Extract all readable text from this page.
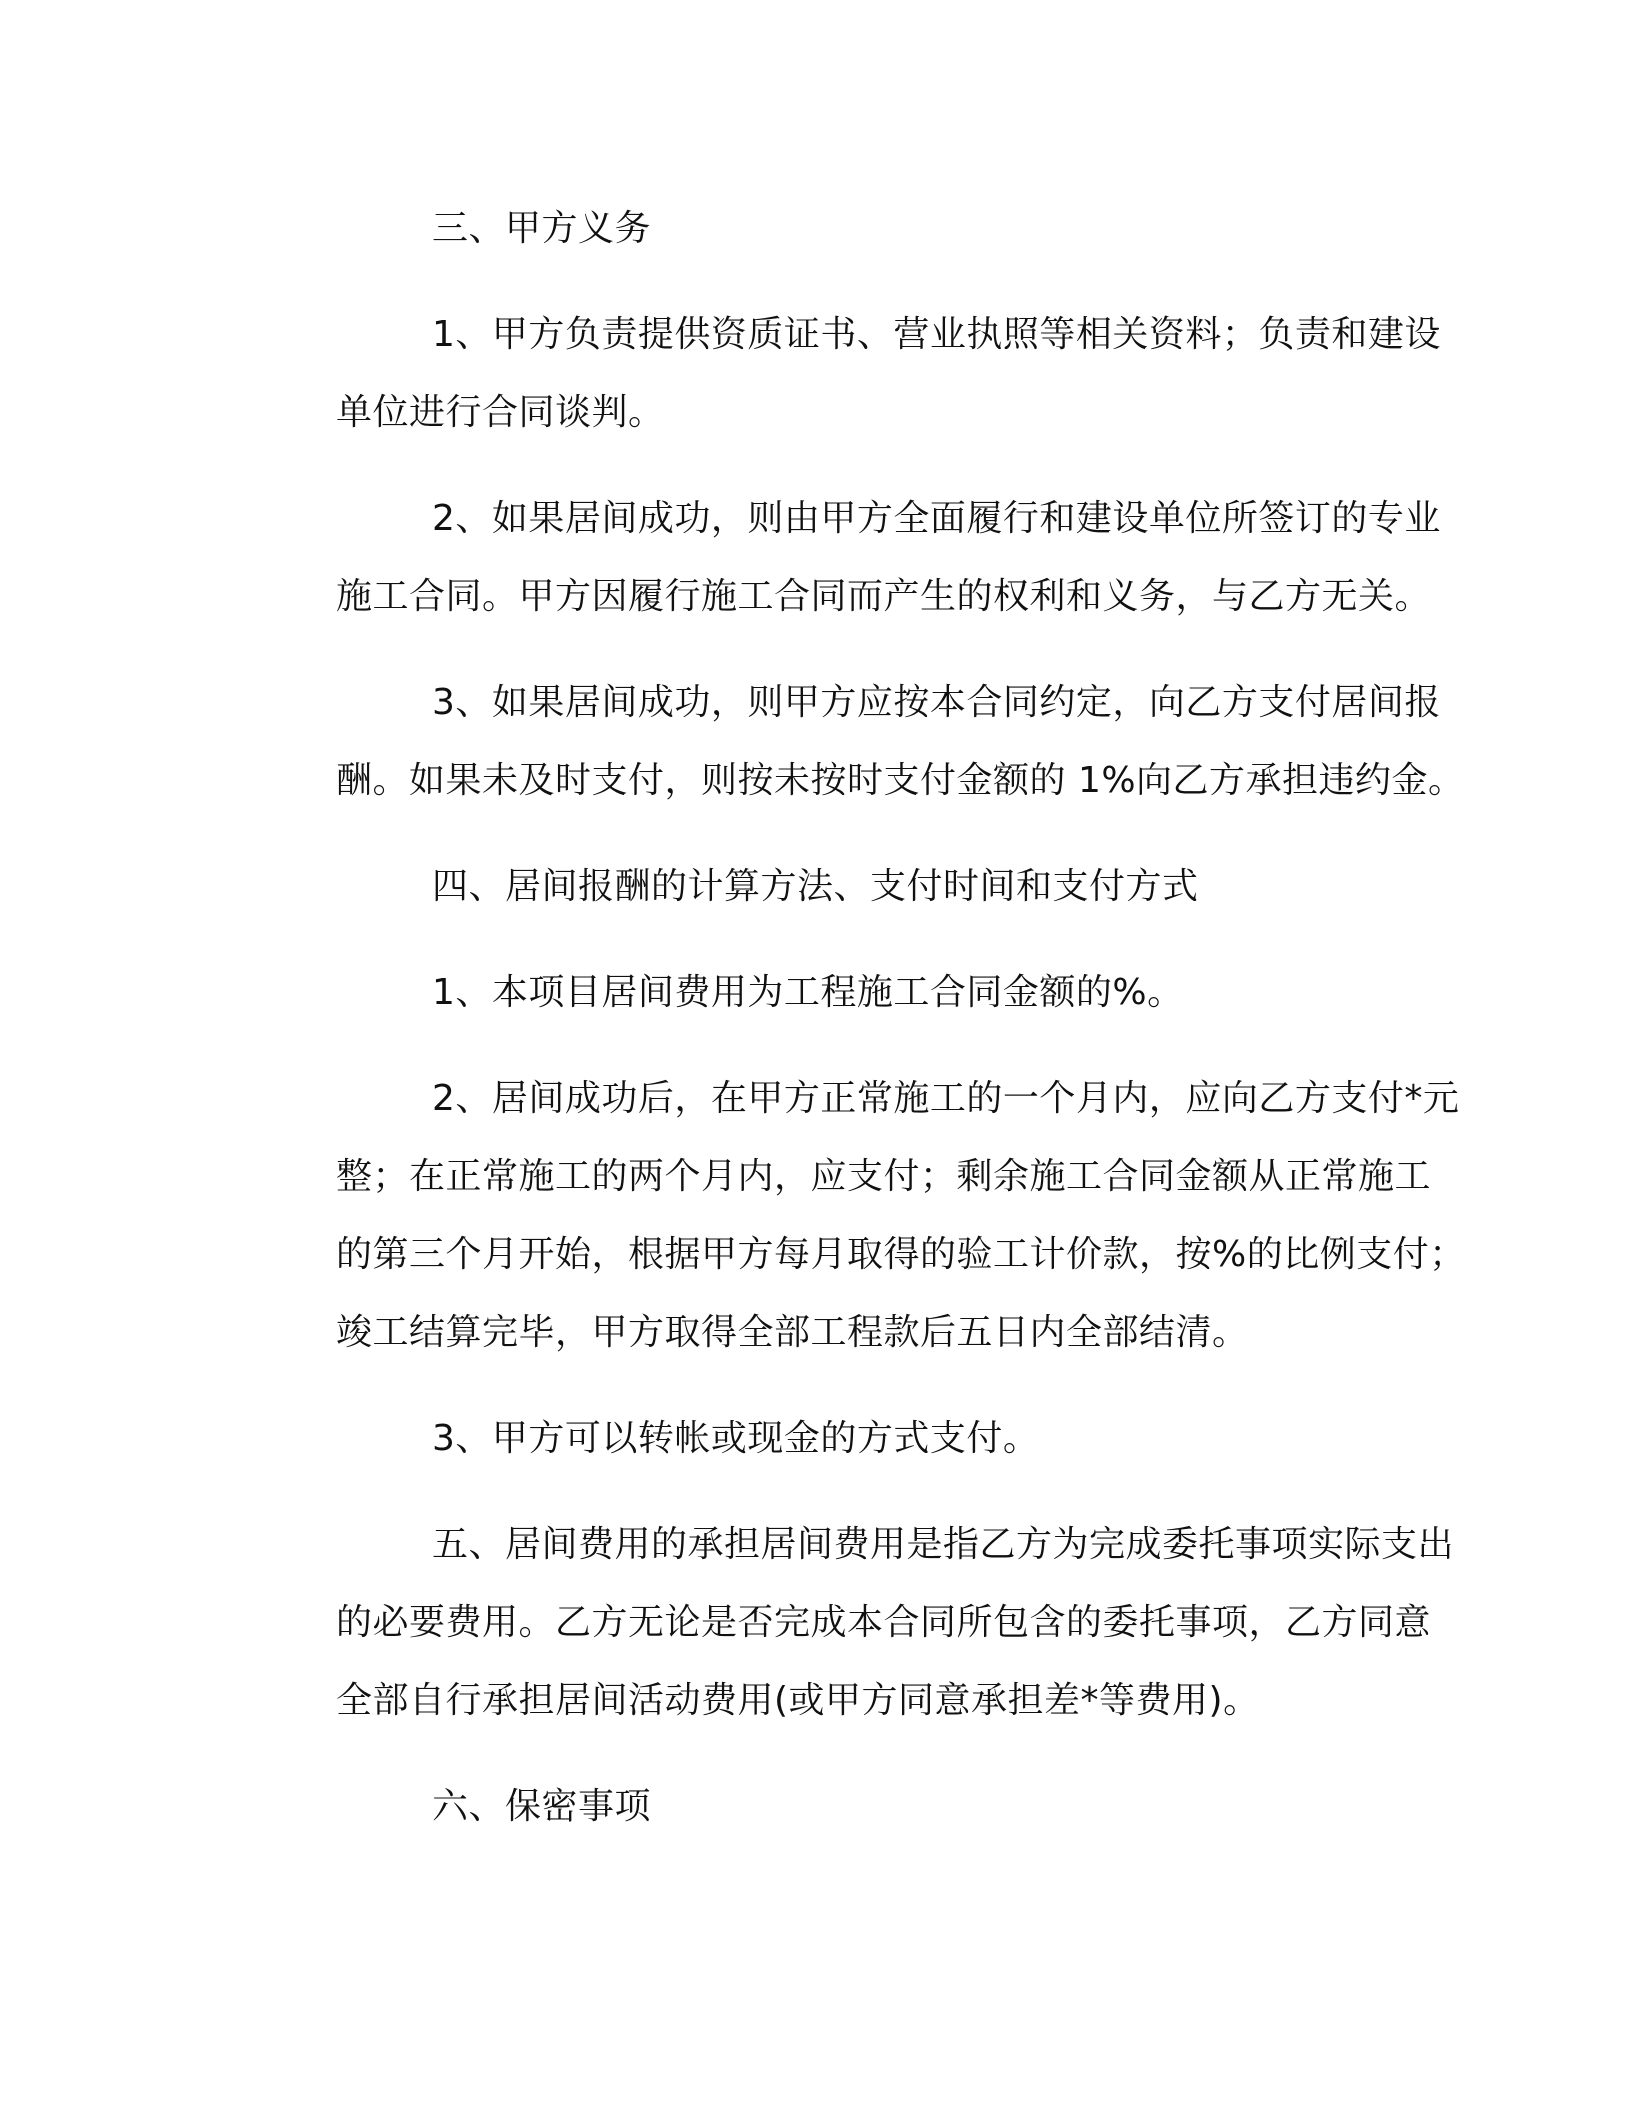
三、甲方义务
1、甲方负责提供资质证书、营业执照等相关资料；负责和建设
单位进行合同谈判。
2、如果居间成功，则由甲方全面履行和建设单位所签订的专业
施工合同。甲方因履行施工合同而产生的权利和义务，与乙方无关。
3、如果居间成功，则甲方应按本合同约定，向乙方支付居间报
酬。如果未及时支付，则按未按时支付金额的 1%向乙方承担违约金。
四、居间报酬的计算方法、支付时间和支付方式
1、本项目居间费用为工程施工合同金额的%。
2、居间成功后，在甲方正常施工的一个月内，应向乙方支付*元
整；在正常施工的两个月内，应支付；剩余施工合同金额从正常施工
的第三个月开始，根据甲方每月取得的验工计价款，按%的比例支付；
竣工结算完毕，甲方取得全部工程款后五日内全部结清。
3、甲方可以转帐或现金的方式支付。
五、居间费用的承担居间费用是指乙方为完成委托事项实际支出
的必要费用。乙方无论是否完成本合同所包含的委托事项，乙方同意
全部自行承担居间活动费用(或甲方同意承担差*等费用)。
六、保密事项
